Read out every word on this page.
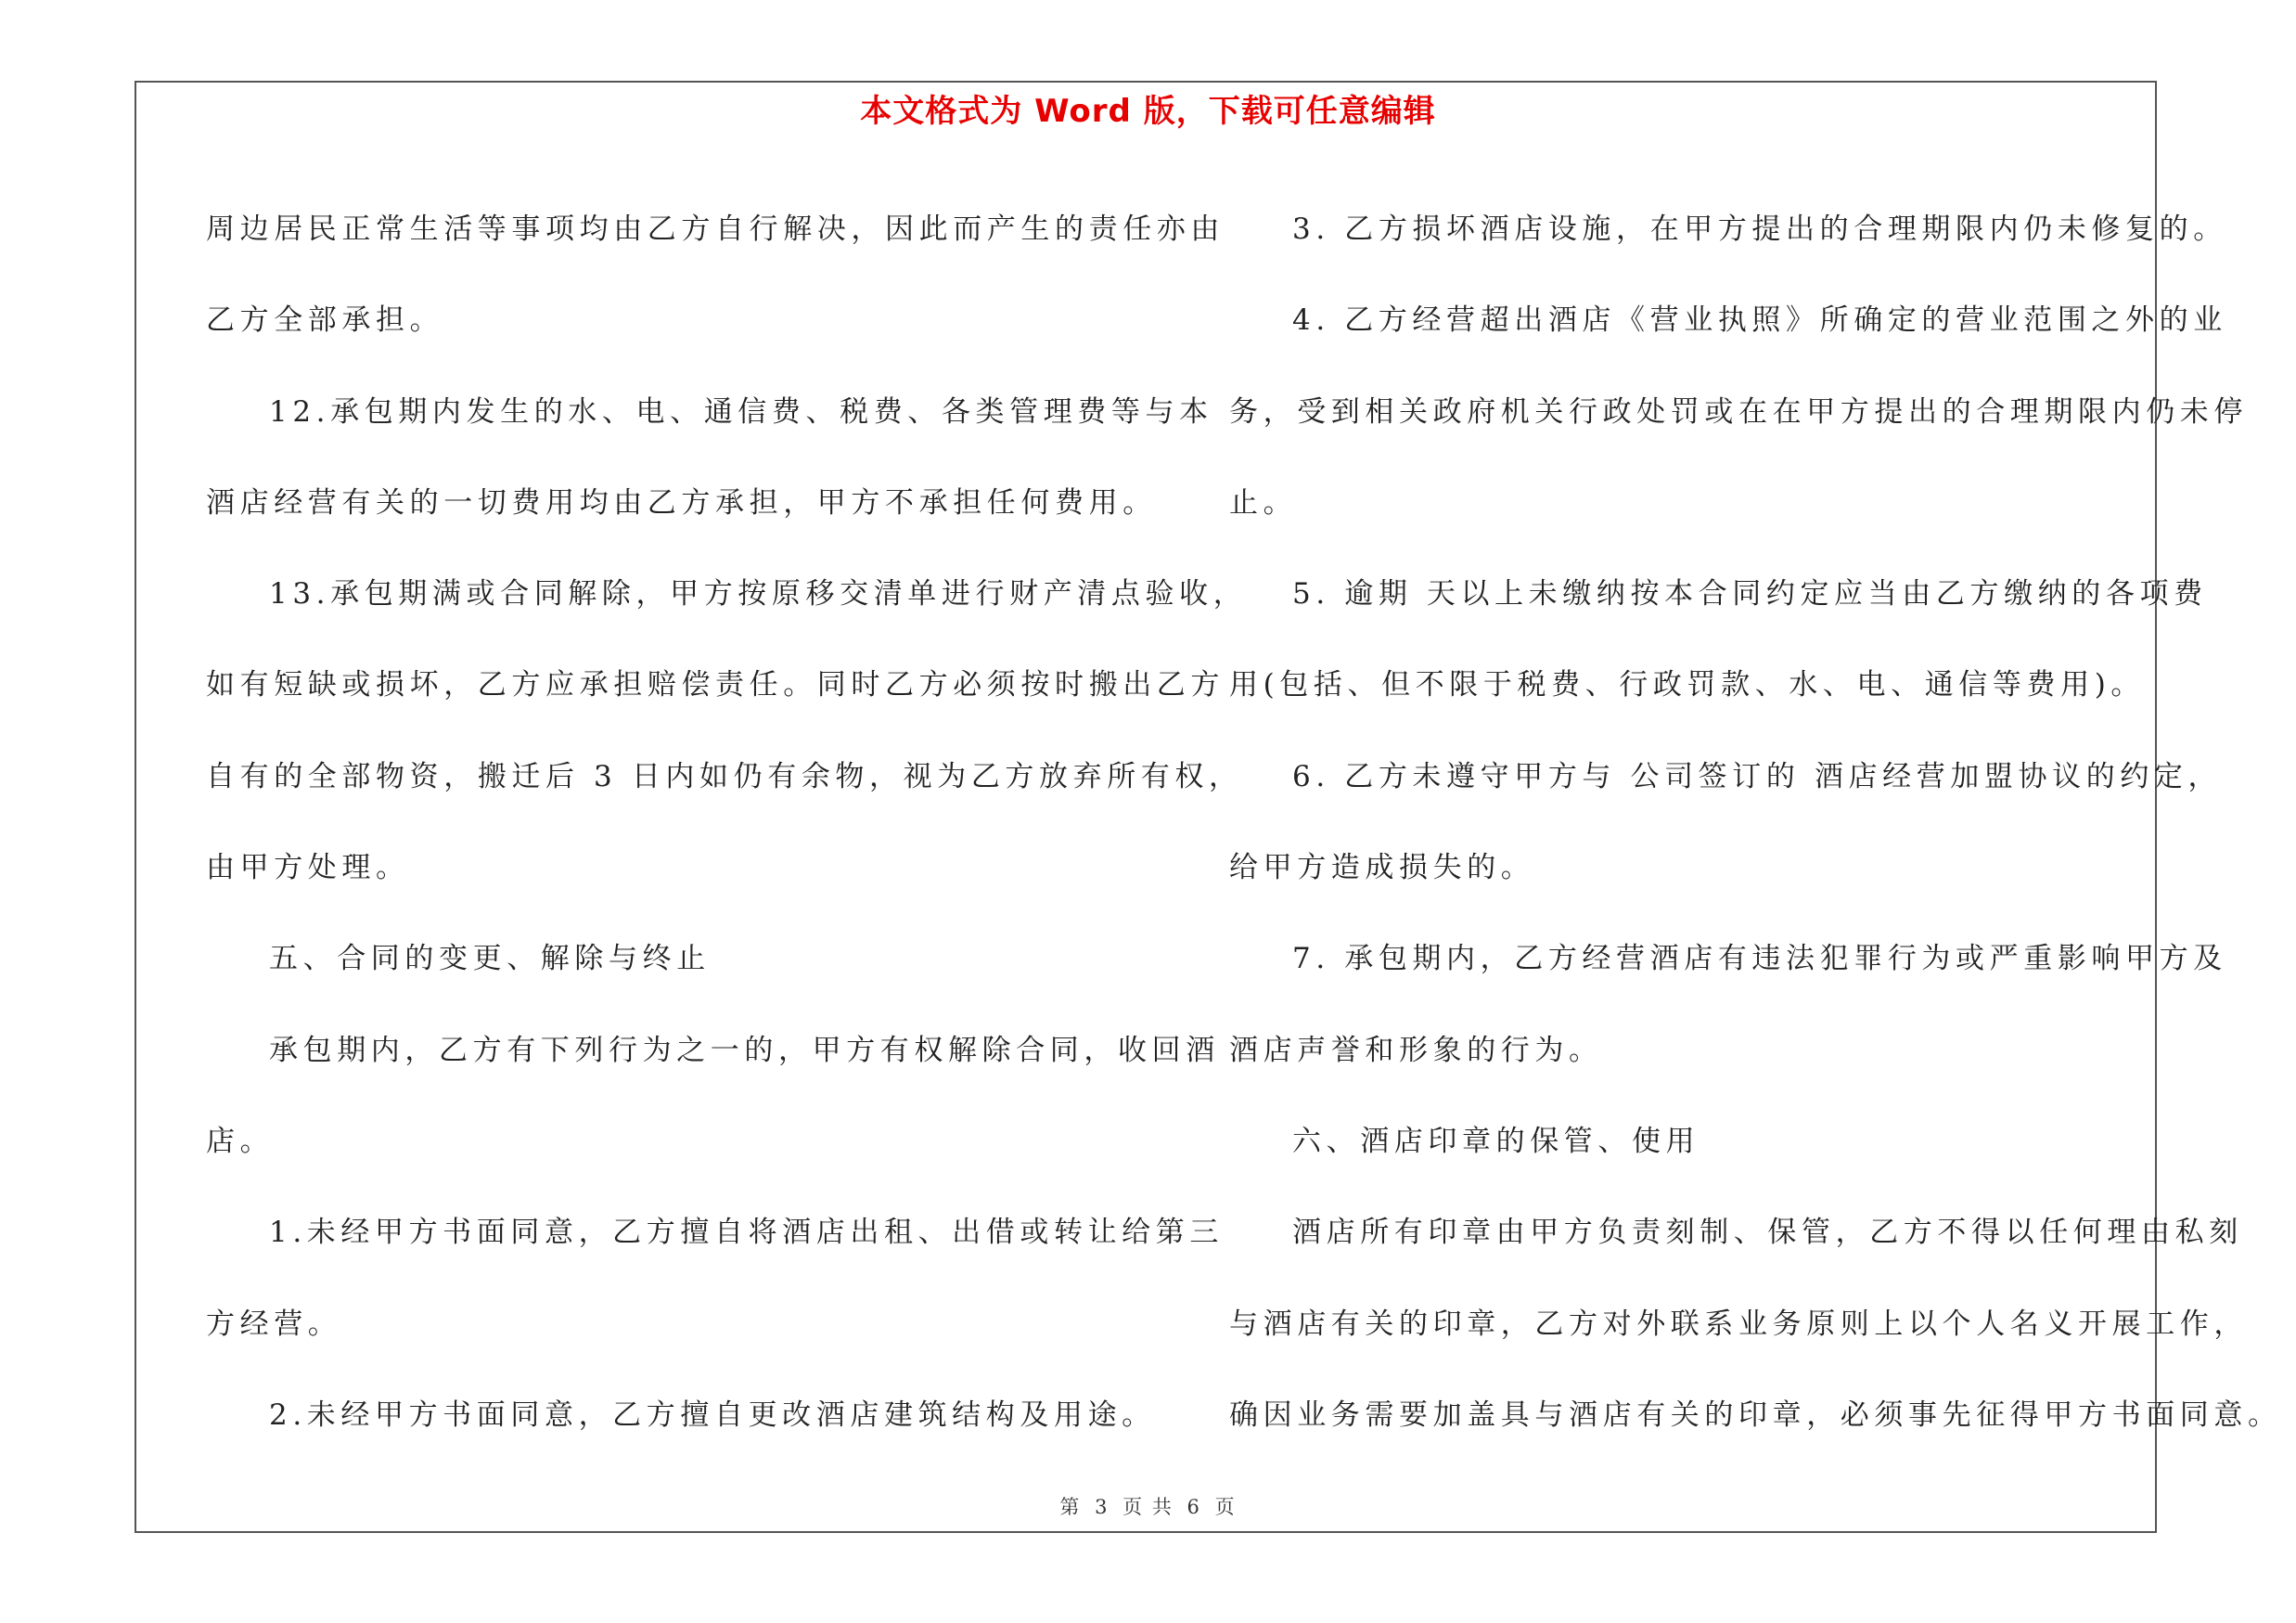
本文格式为 Word 版，下载可任意编辑

周边居民正常生活等事项均由乙方自行解决，因此而产生的责任亦由

乙方全部承担。

12.承包期内发生的水、电、通信费、税费、各类管理费等与本

酒店经营有关的一切费用均由乙方承担，甲方不承担任何费用。

13.承包期满或合同解除，甲方按原移交清单进行财产清点验收，

如有短缺或损坏，乙方应承担赔偿责任。同时乙方必须按时搬出乙方

自有的全部物资，搬迁后 3 日内如仍有余物，视为乙方放弃所有权，

由甲方处理。

五、合同的变更、解除与终止

承包期内，乙方有下列行为之一的，甲方有权解除合同，收回酒

店。

1.未经甲方书面同意，乙方擅自将酒店出租、出借或转让给第三

方经营。

2.未经甲方书面同意，乙方擅自更改酒店建筑结构及用途。

3. 乙方损坏酒店设施，在甲方提出的合理期限内仍未修复的。

4. 乙方经营超出酒店《营业执照》所确定的营业范围之外的业

务，受到相关政府机关行政处罚或在在甲方提出的合理期限内仍未停

止。

5. 逾期 天以上未缴纳按本合同约定应当由乙方缴纳的各项费

用(包括、但不限于税费、行政罚款、水、电、通信等费用)。

6. 乙方未遵守甲方与 公司签订的 酒店经营加盟协议的约定，

给甲方造成损失的。

7. 承包期内，乙方经营酒店有违法犯罪行为或严重影响甲方及

酒店声誉和形象的行为。

六、酒店印章的保管、使用

酒店所有印章由甲方负责刻制、保管，乙方不得以任何理由私刻

与酒店有关的印章，乙方对外联系业务原则上以个人名义开展工作，

确因业务需要加盖具与酒店有关的印章，必须事先征得甲方书面同意。

第 3 页 共 6 页
